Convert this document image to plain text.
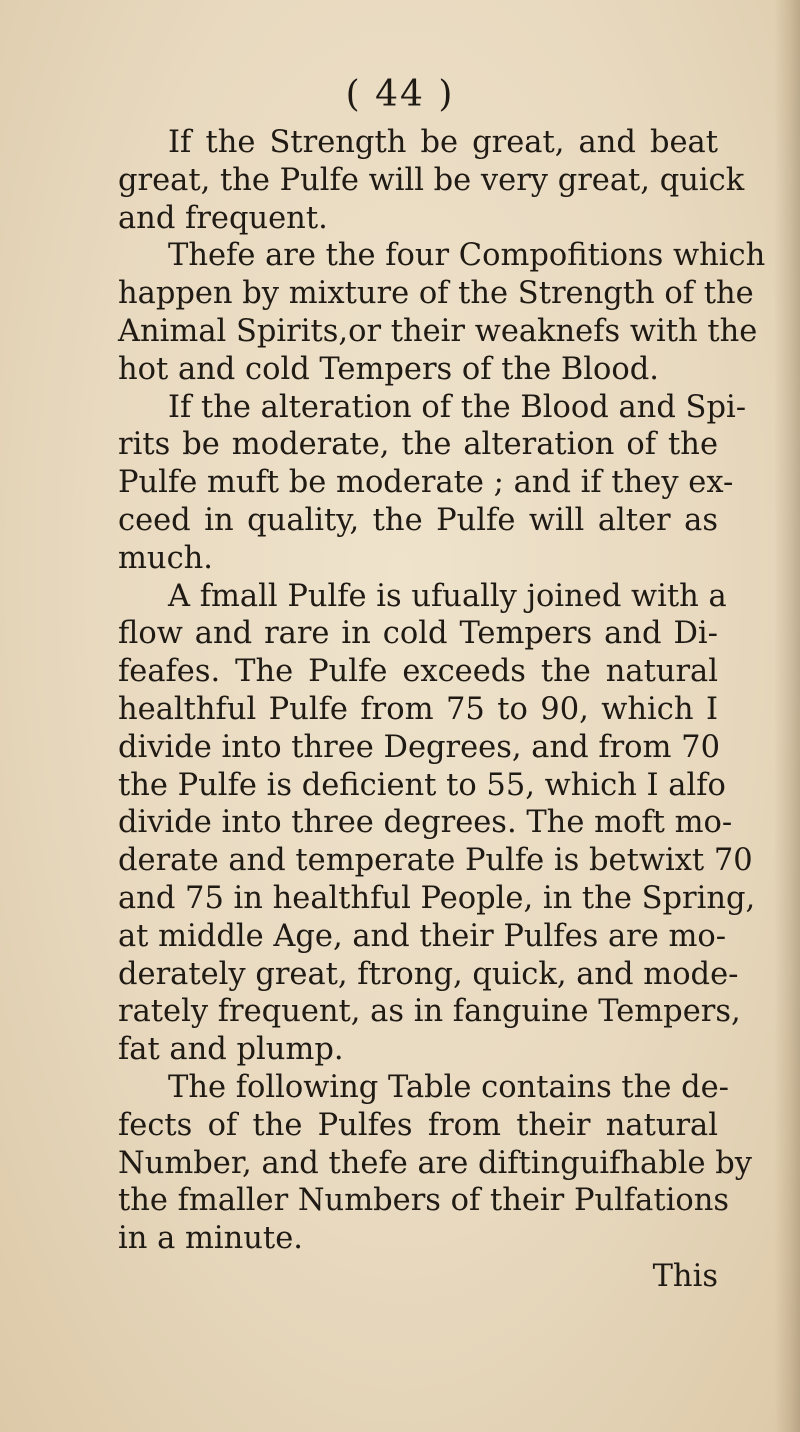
( 44 )
If the Strength be great, and beat
great, the Pulfe will be very great, quick
and frequent.
Thefe are the four Compofitions which
happen by mixture of the Strength of the
Animal Spirits,or their weaknefs with the
hot and cold Tempers of the Blood.
If the alteration of the Blood and Spi-
rits be moderate, the alteration of the
Pulfe muft be moderate ; and if they ex-
ceed in quality, the Pulfe will alter as
much.
A fmall Pulfe is ufually joined with a
flow and rare in cold Tempers and Di-
feafes. The Pulfe exceeds the natural
healthful Pulfe from 75 to 90, which I
divide into three Degrees, and from 70
the Pulfe is deficient to 55, which I alfo
divide into three degrees. The moft mo-
derate and temperate Pulfe is betwixt 70
and 75 in healthful People, in the Spring,
at middle Age, and their Pulfes are mo-
derately great, ftrong, quick, and mode-
rately frequent, as in fanguine Tempers,
fat and plump.
The following Table contains the de-
fects of the Pulfes from their natural
Number, and thefe are diftinguifhable by
the fmaller Numbers of their Pulfations
in a minute.
This
